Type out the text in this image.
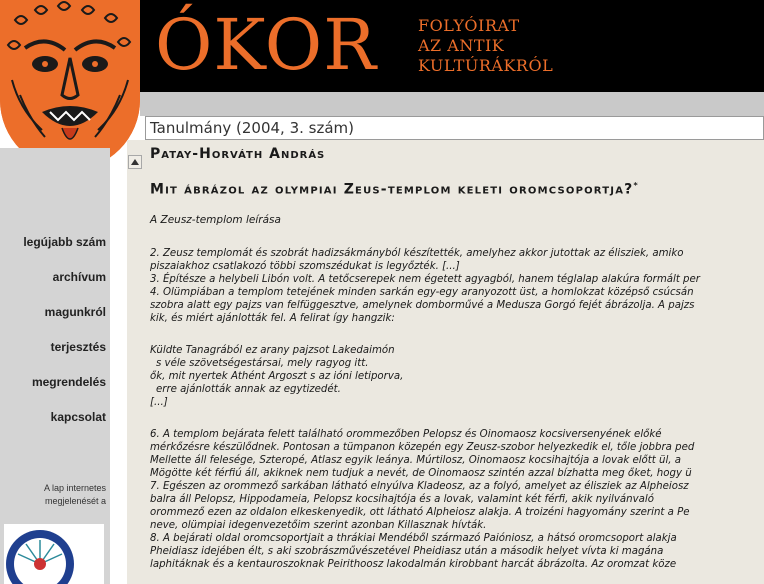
ÓKOR	FOLYÓIRAT
AZ ANTIK
KULTÚRÁKRÓL
legújabb szám
archívum
magunkról
terjesztés
megrendelés
kapcsolat
A lap internetes
megjelenését a
Tanulmány (2004, 3. szám)
Patay-Horváth András
Mit ábrázol az olympiai Zeus-templom keleti oromcsoportja?*
A Zeusz-templom leírása
2. Zeusz templomát és szobrát hadizsákmányból készítették, amelyhez akkor jutottak az élisziek, amiko
piszaiakhoz csatlakozó többi szomszédukat is legyőzték. [...]
3. Építésze a helybeli Libón volt. A tetőcserepek nem égetett agyagból, hanem téglalap alakúra formált per
4. Olümpiában a templom tetejének minden sarkán egy-egy aranyozott üst, a homlokzat középső csúcsán
szobra alatt egy pajzs van felfüggesztve, amelynek domborművé a Medusza Gorgó fejét ábrázolja. A pajzs
kik, és miért ajánlották fel. A felirat így hangzik:
Küldte Tanagrából ez arany pajzsot Lakedaimón
s véle szövetségestársai, mely ragyog itt.
ők, mit nyertek Athént Argoszt s az ióni letiporva,
erre ajánlották annak az egytizedét.
[...]
6. A templom bejárata felett található orommezőben Pelopsz és Oinomaosz kocsiversenyének előké
mérkőzésre készülődnek. Pontosan a tümpanon közepén egy Zeusz-szobor helyezkedik el, tőle jobbra ped
Mellette áll felesége, Szteropé, Atlasz egyik leánya. Múrtilosz, Oinomaosz kocsihajtója a lovak előtt ül, a
Mögötte két férfiú áll, akiknek nem tudjuk a nevét, de Oinomaosz szintén azzal bízhatta meg őket, hogy ü
7. Egészen az orommező sarkában látható elnyúlva Kladeosz, az a folyó, amelyet az élisziek az Alpheiosz
balra áll Pelopsz, Hippodameia, Pelopsz kocsihajtója és a lovak, valamint két férfi, akik nyilvánvaló
orommező ezen az oldalon elkeskenyedik, ott látható Alpheiosz alakja. A troizéni hagyomány szerint a Pe
neve, olümpiai idegenvezetőim szerint azonban Killasznak hívták.
8. A bejárati oldal oromcsoportjait a thrákiai Mendéből származó Paióniosz, a hátsó oromcsoport alakja
Pheidiasz idejében élt, s aki szobrászművészetével Pheidiasz után a második helyet vívta ki magána
laphitáknak és a kentauroszoknak Peirithoosz lakodalmán kirobbant harcát ábrázolta. Az oromzat köze
